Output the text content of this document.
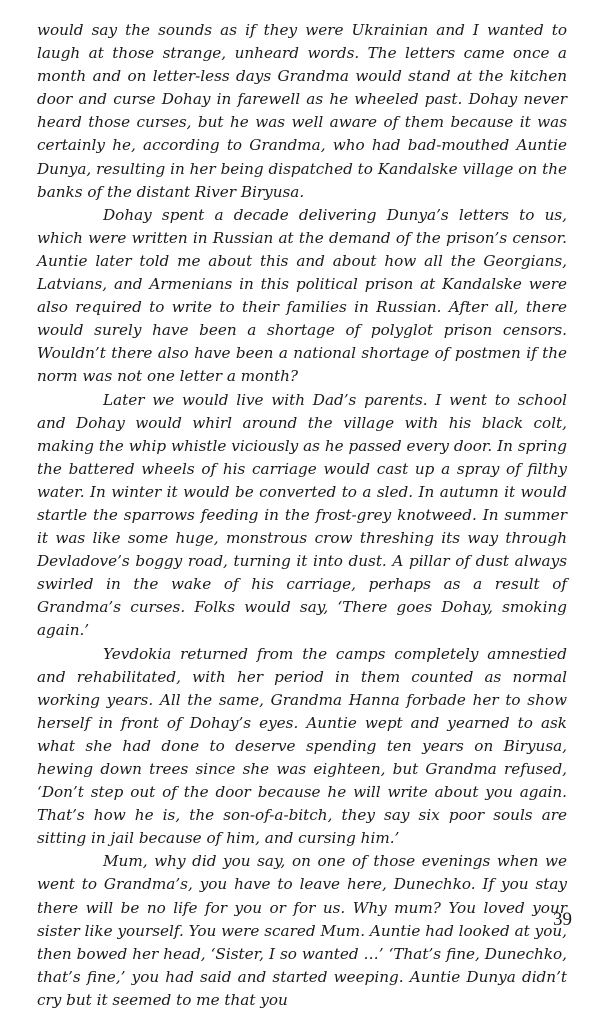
would say the sounds as if they were Ukrainian and I wanted to laugh at those strange, unheard words. The letters came once a month and on letter-less days Grandma would stand at the kitchen door and curse Dohay in farewell as he wheeled past. Dohay never heard those curses, but he was well aware of them because it was certainly he, according to Grandma, who had bad-mouthed Auntie Dunya, resulting in her being dispatched to Kandalske village on the banks of the distant River Biryusa.

Dohay spent a decade delivering Dunya’s letters to us, which were written in Russian at the demand of the prison’s censor. Auntie later told me about this and about how all the Georgians, Latvians, and Armenians in this political prison at Kandalske were also required to write to their families in Russian. After all, there would surely have been a shortage of polyglot prison censors. Wouldn’t there also have been a national shortage of postmen if the norm was not one letter a month?

Later we would live with Dad’s parents. I went to school and Dohay would whirl around the village with his black colt, making the whip whistle viciously as he passed every door. In spring the battered wheels of his carriage would cast up a spray of filthy water. In winter it would be converted to a sled. In autumn it would startle the sparrows feeding in the frost-grey knotweed. In summer it was like some huge, monstrous crow threshing its way through Devladove’s boggy road, turning it into dust. A pillar of dust always swirled in the wake of his carriage, perhaps as a result of Grandma’s curses. Folks would say, ‘There goes Dohay, smoking again.’

Yevdokia returned from the camps completely amnestied and rehabilitated, with her period in them counted as normal working years. All the same, Grandma Hanna forbade her to show herself in front of Dohay’s eyes. Auntie wept and yearned to ask what she had done to deserve spending ten years on Biryusa, hewing down trees since she was eighteen, but Grandma refused, ‘Don’t step out of the door because he will write about you again. That’s how he is, the son-of-a-bitch, they say six poor souls are sitting in jail because of him, and cursing him.’

Mum, why did you say, on one of those evenings when we went to Grandma’s, you have to leave here, Dunechko. If you stay there will be no life for you or for us. Why mum? You loved your sister like yourself. You were scared Mum. Auntie had looked at you, then bowed her head, ‘Sister, I so wanted …’ ‘That’s fine, Dunechko, that’s fine,’ you had said and started weeping. Auntie Dunya didn’t cry but it seemed to me that you

39
